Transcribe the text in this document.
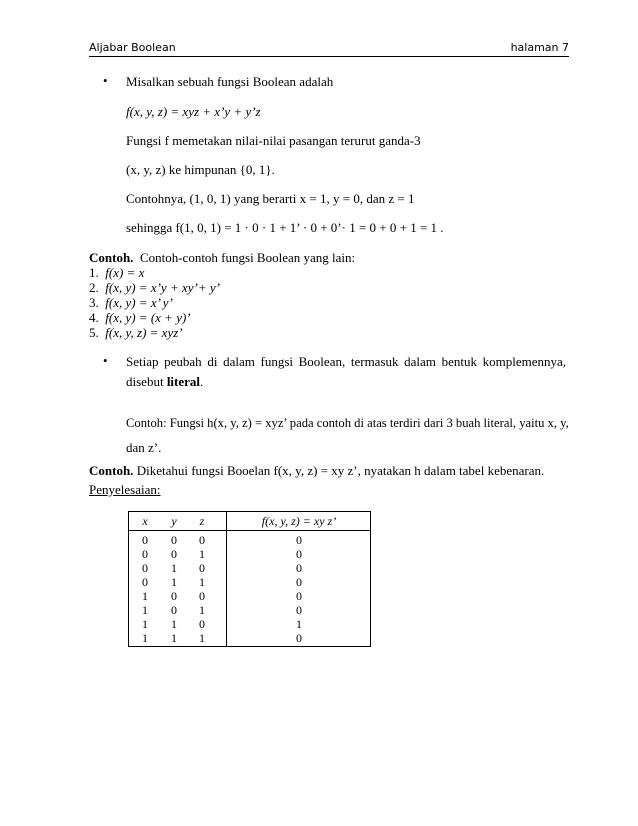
Aljabar Boolean	halaman 7
• Misalkan sebuah fungsi Boolean adalah
f(x, y, z) = xyz + x’y + y’z
Fungsi f memetakan nilai-nilai pasangan terurut ganda-3
(x, y, z) ke himpunan {0, 1}.
Contohnya, (1, 0, 1) yang berarti x = 1, y = 0, dan z = 1
sehingga f(1, 0, 1) = 1 · 0 · 1 + 1’ · 0 + 0’· 1 = 0 + 0 + 1 = 1 .
Contoh. Contoh-contoh fungsi Boolean yang lain:
1. f(x) = x
2. f(x, y) = x’y + xy’+ y’
3. f(x, y) = x’ y’
4. f(x, y) = (x + y)’
5. f(x, y, z) = xyz’
• Setiap peubah di dalam fungsi Boolean, termasuk dalam bentuk komplemennya,
disebut literal.
Contoh: Fungsi h(x, y, z) = xyz’ pada contoh di atas terdiri dari 3 buah literal, yaitu x, y,
dan z’.
Contoh. Diketahui fungsi Booelan f(x, y, z) = xy z’, nyatakan h dalam tabel kebenaran.
Penyelesaian:
x	y	z	f(x, y, z) = xy z’
0	0	0	0
0	0	1	0
0	1	0	0
0	1	1	0
1	0	0	0
1	0	1	0
1	1	0	1
1	1	1	0
